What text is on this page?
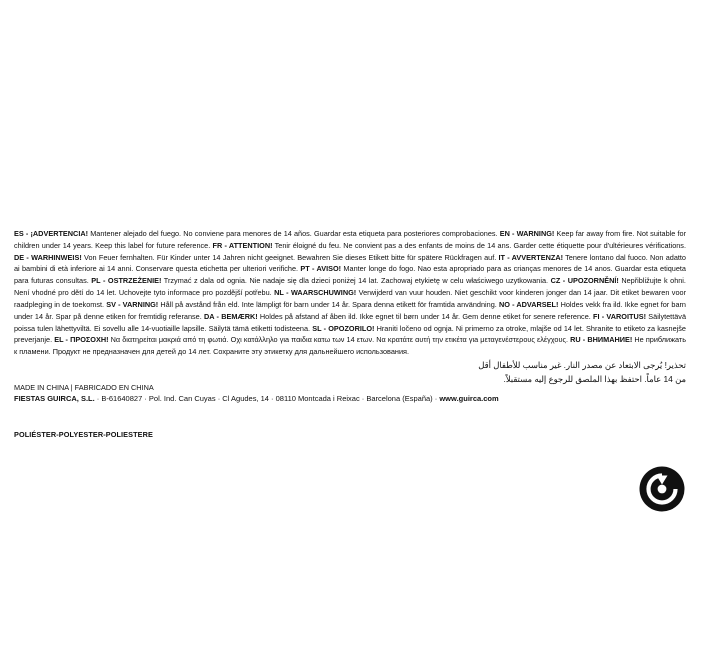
ES - ¡ADVERTENCIA! Mantener alejado del fuego. No conviene para menores de 14 años. Guardar esta etiqueta para posteriores comprobaciones. EN - WARNING! Keep far away from fire. Not suitable for children under 14 years. Keep this label for future reference. FR - ATTENTION! Tenir éloigné du feu. Ne convient pas a des enfants de moins de 14 ans. Garder cette étiquette pour d'ultérieures vérifications. DE - WARHINWEIS! Von Feuer fernhalten. Für Kinder unter 14 Jahren nicht geeignet. Bewahren Sie dieses Etikett bitte für spätere Rückfragen auf. IT - AVVERTENZA! Tenere lontano dal fuoco. Non adatto ai bambini di età inferiore ai 14 anni. Conservare questa etichetta per ulteriori verifiche. PT - AVISO! Manter longe do fogo. Nao esta apropriado para as crianças menores de 14 anos. Guardar esta etiqueta para futuras consultas. PL - OSTRZEŻENIE! Trzymać z dala od ognia. Nie nadaje się dla dzieci poniżej 14 lat. Zachowaj etykietę w celu właściwego uzytkowania. CZ - UPOZORNĚNÍ! Nepřibližujte k ohni. Není vhodné pro dětí do 14 let. Uchovejte tyto informace pro pozdější potřebu. NL - WAARSCHUWING! Verwijderd van vuur houden. Niet geschikt voor kinderen jonger dan 14 jaar. Dit etiket bewaren voor raadpleging in de toekomst. SV - VARNING! Håll på avstånd från eld. Inte lämpligt för barn under 14 år. Spara denna etikett för framtida användning. NO - ADVARSEL! Holdes vekk fra ild. Ikke egnet for barn under 14 år. Spar på denne etiken for fremtidig referanse. DA - BEMÆRK! Holdes på afstand af åben ild. Ikke egnet til børn under 14 år. Gem denne etiket for senere reference. FI - VAROITUS! Säilytettävä poissa tulen lähettyviltä. Ei sovellu alle 14-vuotiaille lapsille. Säilytä tämä etiketti todisteena. SL - OPOZORILO! Hraniti ločeno od ognja. Ni primerno za otroke, mlajše od 14 let. Shranite to etiketo za kasnejše preverjanje. EL - ΠΡΟΣΟΧΗ! Να διατηρείται μακριά από τη φωτιά. Οχι κατάλληλο γιa παιδια κατω των 14 ετων. Να κρατάτε αυτή την ετικέτα γιa μεταγενέστερους ελέγχους. RU - ВНИМАНИЕ! Не приближать к пламени. Продукт не предназначен для детей до 14 лет. Сохраните эту этикетку для дальнейшего использования.
تحذير! يُرجى الابتعاد عن مصدر النار. غير مناسب للأطفال أقل
من 14 عاماً. احتفظ بهذا الملصق للرجوع إليه مستقبلاً.
MADE IN CHINA | FABRICADO EN CHINA
FIESTAS GUIRCA, S.L. · B-61640827 · Pol. Ind. Can Cuyas · Cl Agudes, 14 · 08110 Montcada i Reixac · Barcelona (España) · www.guirca.com
POLIÉSTER-POLYESTER-POLIESTERE
